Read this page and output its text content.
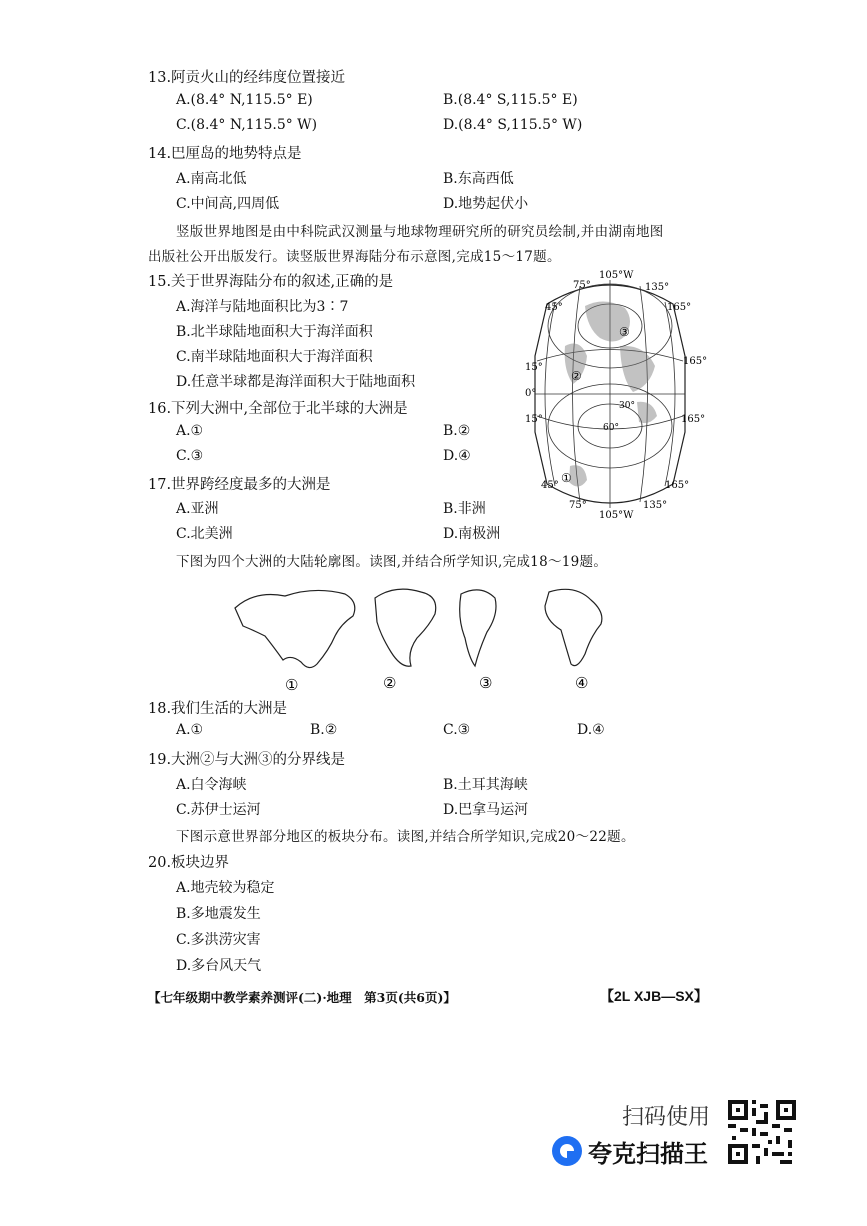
13.阿贡火山的经纬度位置接近
A.(8.4° N,115.5° E)	B.(8.4° S,115.5° E)
C.(8.4° N,115.5° W)	D.(8.4° S,115.5° W)
14.巴厘岛的地势特点是
A.南高北低	B.东高西低
C.中间高,四周低	D.地势起伏小
竖版世界地图是由中科院武汉测量与地球物理研究所的研究员绘制,并由湖南地图
出版社公开出版发行。读竖版世界海陆分布示意图,完成15～17题。
15.关于世界海陆分布的叙述,正确的是
A.海洋与陆地面积比为3∶7
B.北半球陆地面积大于海洋面积
C.南半球陆地面积大于海洋面积
D.任意半球都是海洋面积大于陆地面积
16.下列大洲中,全部位于北半球的大洲是
A.①	B.②
C.③	D.④
17.世界跨经度最多的大洲是
A.亚洲	B.非洲
C.北美洲	D.南极洲
105°W
75°	135°
45°
15°
0°
15°
45°
165°
165°
165°
165°
75°
105°W
135°
30°
60°
②
③
①
下图为四个大洲的大陆轮廓图。读图,并结合所学知识,完成18～19题。
①	②	③	④
18.我们生活的大洲是
A.①	B.②	C.③	D.④
19.大洲②与大洲③的分界线是
A.白令海峡	B.土耳其海峡
C.苏伊士运河	D.巴拿马运河
下图示意世界部分地区的板块分布。读图,并结合所学知识,完成20～22题。
20.板块边界
A.地壳较为稳定
B.多地震发生
C.多洪涝灾害
D.多台风天气
【七年级期中教学素养测评(二)·地理　第3页(共6页)】	【2L XJB—SX】
扫码使用
夸克扫描王
